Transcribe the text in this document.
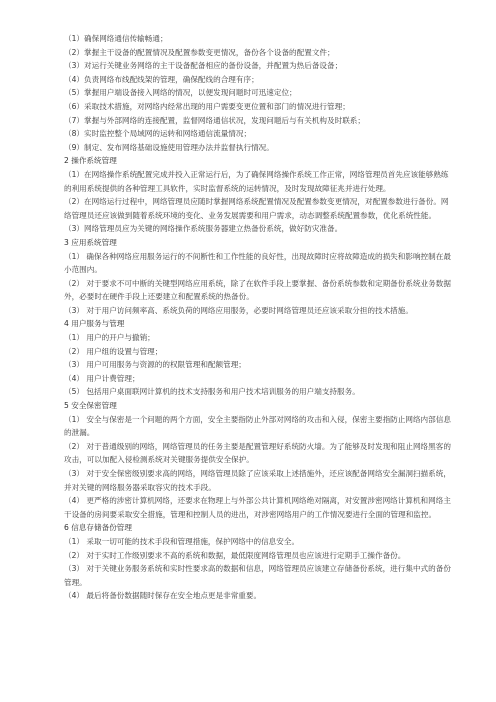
（1）确保网络通信传输畅通；
（2）掌握主干设备的配置情况及配置参数变更情况，备份各个设备的配置文件；
（3）对运行关键业务网络的主干设备配备相应的备份设备，并配置为热后备设备；
（4）负责网络布线配线架的管理，确保配线的合理有序；
（5）掌握用户端设备接入网络的情况，以便发现问题时可迅速定位；
（6）采取技术措施，对网络内经常出现的用户需要变更位置和部门的情况进行管理；
（7）掌握与外部网络的连接配置，监督网络通信状况，发现问题后与有关机构及时联系；
（8）实时监控整个局域网的运转和网络通信流量情况；
（9）制定、发布网络基础设施使用管理办法并监督执行情况。
2 操作系统管理
（1）在网络操作系统配置完成并投入正常运行后，为了确保网络操作系统工作正常，网络管理员首先应该能够熟练的利用系统提供的各种管理工具软件，实时监督系统的运转情况，及时发现故障征兆并进行处理。
（2）在网络运行过程中，网络管理员应随时掌握网络系统配置情况及配置参数变更情况，对配置参数进行备份。网络管理员还应该做到随着系统环境的变化、业务发展需要和用户需求，动态调整系统配置参数，优化系统性能。
（3）网络管理员应为关键的网络操作系统服务器建立热备份系统，做好防灾准备。
3 应用系统管理
（1） 确保各种网络应用服务运行的不间断性和工作性能的良好性，出现故障时应将故障造成的损失和影响控制在最小范围内。
（2） 对于要求不可中断的关键型网络应用系统，除了在软件手段上要掌握、备份系统参数和定期备份系统业务数据外，必要时在硬件手段上还要建立和配置系统的热备份。
（3） 对于用户访问频率高、系统负荷的网络应用服务，必要时网络管理员还应该采取分担的技术措施。
4 用户服务与管理
（1） 用户的开户与撤销；
（2） 用户组的设置与管理；
（3） 用户可用服务与资源的的权限管理和配额管理；
（4） 用户计费管理；
（5） 包括用户桌面联网计算机的技术支持服务和用户技术培训服务的用户端支持服务。
5 安全保密管理
（1） 安全与保密是一个问题的两个方面，安全主要指防止外部对网络的攻击和入侵，保密主要指防止网络内部信息的泄漏。
（2） 对于普通级别的网络，网络管理员的任务主要是配置管理好系统防火墙。为了能够及时发现和阻止网络黑客的攻击，可以加配入侵检测系统对关键服务提供安全保护。
（3） 对于安全保密级别要求高的网络，网络管理员除了应该采取上述措施外，还应该配备网络安全漏洞扫描系统，并对关键的网络服务器采取容灾的技术手段。
（4） 更严格的涉密计算机网络，还要求在物理上与外部公共计算机网络绝对隔离，对安置涉密网络计算机和网络主干设备的房间要采取安全措施，管理和控制人员的进出，对涉密网络用户的工作情况要进行全面的管理和监控。
6 信息存储备份管理
（1） 采取一切可能的技术手段和管理措施，保护网络中的信息安全。
（2） 对于实时工作级别要求不高的系统和数据，最低限度网络管理员也应该进行定期手工操作备份。
（3） 对于关键业务服务系统和实时性要求高的数据和信息，网络管理员应该建立存储备份系统，进行集中式的备份管理。
（4） 最后将备份数据随时保存在安全地点更是非常重要。
